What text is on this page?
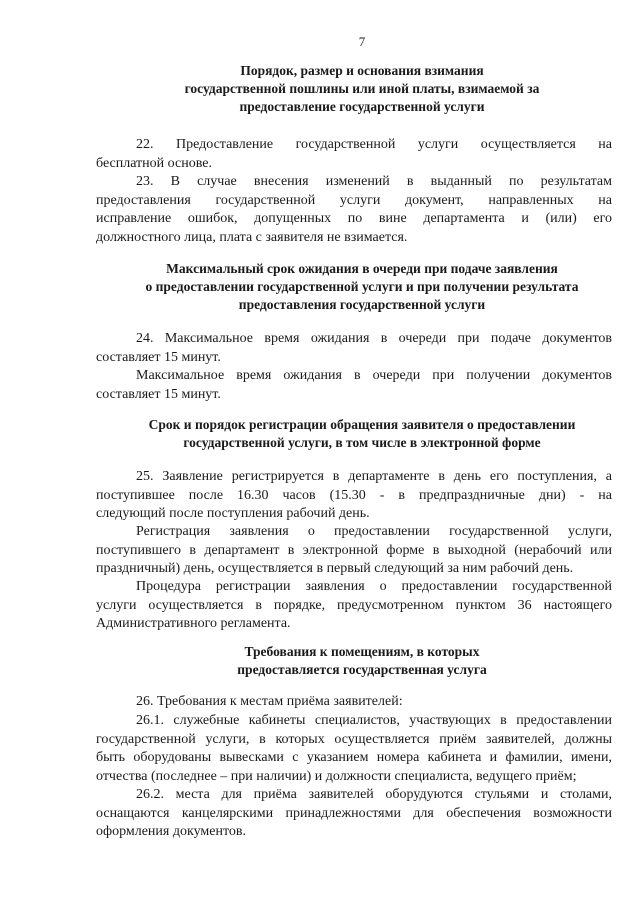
7
Порядок, размер и основания взимания
государственной пошлины или иной платы, взимаемой за
предоставление государственной услуги
22. Предоставление государственной услуги осуществляется на
бесплатной основе.
23. В случае внесения изменений в выданный по результатам
предоставления государственной услуги документ, направленных на
исправление ошибок, допущенных по вине департамента и (или) его
должностного лица, плата с заявителя не взимается.
Максимальный срок ожидания в очереди при подаче заявления
о предоставлении государственной услуги и при получении результата
предоставления государственной услуги
24. Максимальное время ожидания в очереди при подаче документов
составляет 15 минут.
Максимальное время ожидания в очереди при получении документов
составляет 15 минут.
Срок и порядок регистрации обращения заявителя о предоставлении
государственной услуги, в том числе в электронной форме
25. Заявление регистрируется в департаменте в день его поступления, а
поступившее после 16.30 часов (15.30 - в предпраздничные дни) - на
следующий после поступления рабочий день.
Регистрация заявления о предоставлении государственной услуги,
поступившего в департамент в электронной форме в выходной (нерабочий или
праздничный) день, осуществляется в первый следующий за ним рабочий день.
Процедура регистрации заявления о предоставлении государственной
услуги осуществляется в порядке, предусмотренном пунктом 36 настоящего
Административного регламента.
Требования к помещениям, в которых
предоставляется государственная услуга
26. Требования к местам приёма заявителей:
26.1. служебные кабинеты специалистов, участвующих в предоставлении
государственной услуги, в которых осуществляется приём заявителей, должны
быть оборудованы вывесками с указанием номера кабинета и фамилии, имени,
отчества (последнее – при наличии) и должности специалиста, ведущего приём;
26.2. места для приёма заявителей оборудуются стульями и столами,
оснащаются канцелярскими принадлежностями для обеспечения возможности
оформления документов.
